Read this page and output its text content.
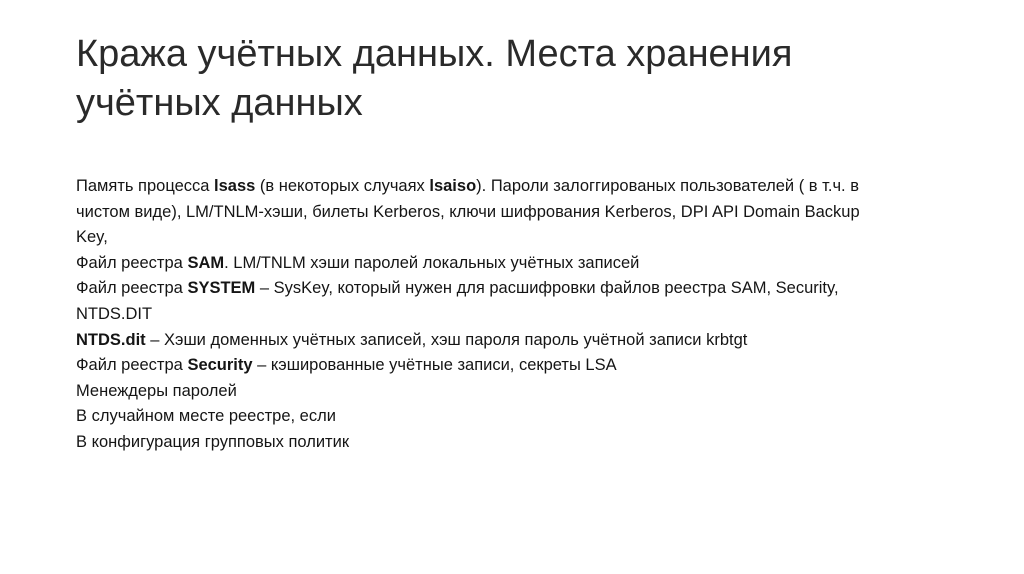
Кража учётных данных. Места хранения
учётных данных
Память процесса lsass (в некоторых случаях lsaiso). Пароли залоггированых пользователей ( в т.ч. в
чистом виде), LM/TNLM-хэши, билеты Kerberos, ключи шифрования Kerberos, DPI API Domain Backup
Key,
Файл реестра SAM. LM/TNLM хэши паролей локальных учётных записей
Файл реестра SYSTEM – SysKey, который нужен для расшифровки файлов реестра SAM, Security,
NTDS.DIT
NTDS.dit – Хэши доменных учётных записей, хэш пароля пароль учётной записи krbtgt
Файл реестра Security – кэшированные учётные записи, секреты LSA
Менеждеры паролей
В случайном месте реестре, если
В конфигурация групповых политик
